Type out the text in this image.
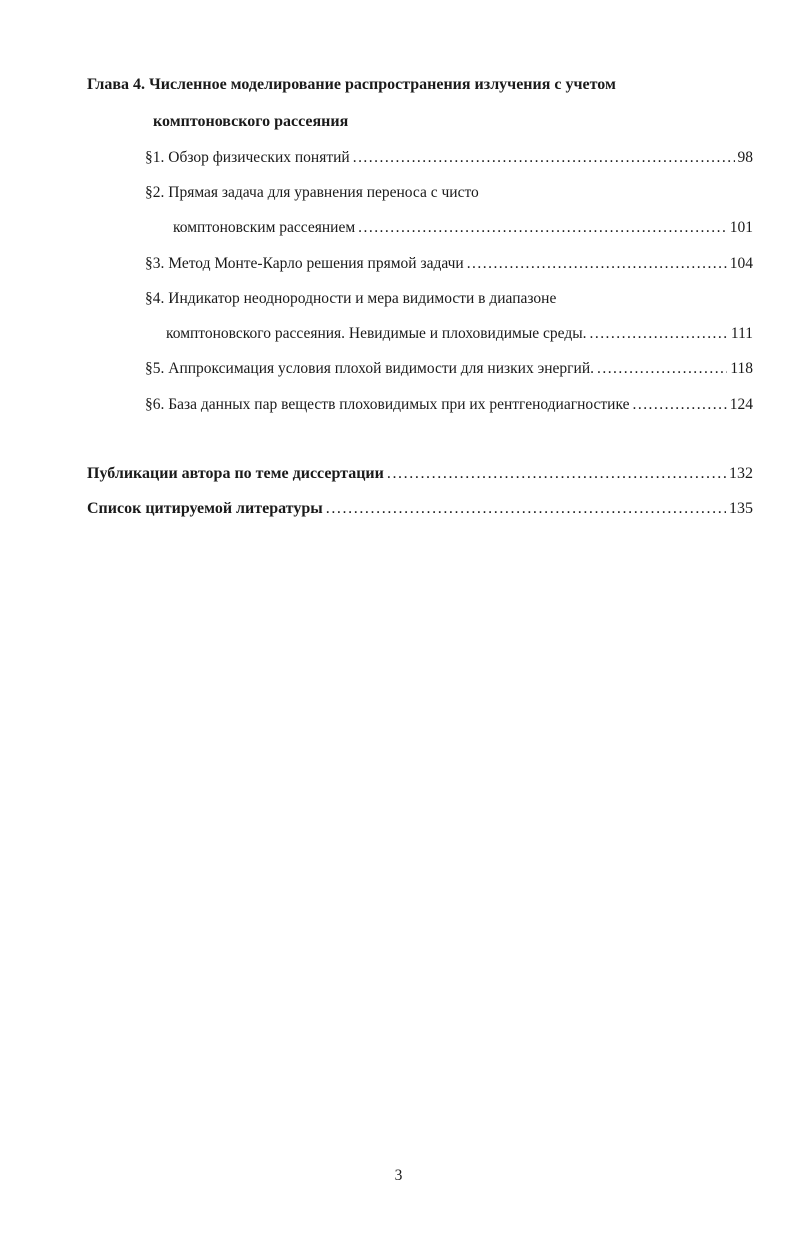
Глава 4. Численное моделирование распространения излучения с учетом
комптоновского рассеяния
§1. Обзор физических понятий . . .	98
§2. Прямая задача для уравнения переноса с чисто
комптоновским рассеянием . . .	101
§3. Метод Монте-Карло решения прямой задачи . . .	104
§4. Индикатор неоднородности и мера видимости в диапазоне
комптоновского рассеяния. Невидимые и плоховидимые среды. . . .	111
§5. Аппроксимация условия плохой видимости для низких энергий. . . .	118
§6. База данных пар веществ плоховидимых при их рентгенодиагностике . . .	124
Публикации автора по теме диссертации . . .	132
Список цитируемой литературы . . .	135
3
